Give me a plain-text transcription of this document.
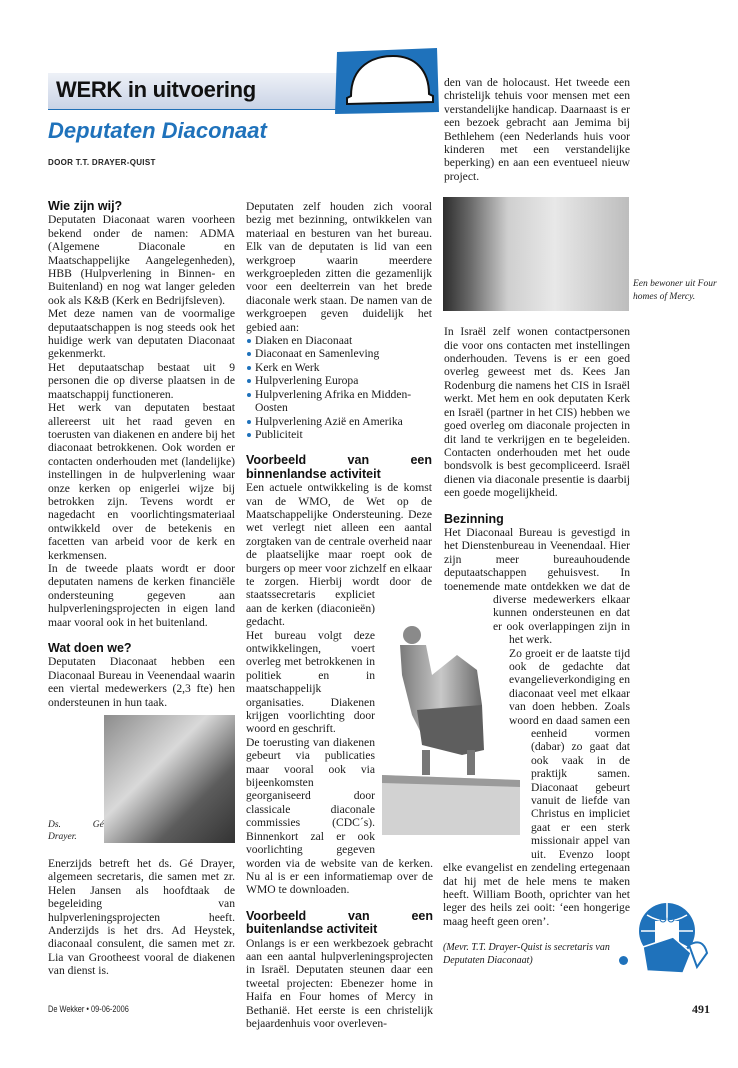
WERK in uitvoering
Deputaten Diaconaat
DOOR T.T. DRAYER-QUIST
Wie zijn wij?

Deputaten Diaconaat waren voorheen bekend onder de namen: ADMA (Algemene Diaconale en Maatschappelijke Aangelegenheden), HBB (Hulpverlening in Binnen- en Buitenland) en nog wat langer geleden ook als K&B (Kerk en Bedrijfsleven).

Met deze namen van de voormalige deputaatschappen is nog steeds ook het huidige werk van deputaten Diaconaat gekenmerkt.

Het deputaatschap bestaat uit 9 personen die op diverse plaatsen in de maatschappij functioneren.

Het werk van deputaten bestaat allereerst uit het raad geven en toerusten van diakenen en andere bij het diaconaat betrokkenen. Ook worden er contacten onderhouden met (landelijke) instellingen in de hulpverlening waar onze kerken op enigerlei wijze bij betrokken zijn. Tevens wordt er nagedacht en voorlichtingsmateriaal ontwikkeld over de betekenis en facetten van arbeid voor de kerk en kerkmensen.

In de tweede plaats wordt er door deputaten namens de kerken financiële ondersteuning gegeven aan hulpverleningsprojecten in eigen land maar vooral ook in het buitenland.

Wat doen we?

Deputaten Diaconaat hebben een Diaconaal Bureau in Veenendaal waarin een viertal medewerkers (2,3 fte) hen ondersteunen in hun taak.

Ds. Gé Drayer.

Enerzijds betreft het ds. Gé Drayer, algemeen secretaris, die samen met zr. Helen Jansen als hoofdtaak de begeleiding van hulpverleningsprojecten heeft. Anderzijds is het drs. Ad Heystek, diaconaal consulent, die samen met zr. Lia van Grootheest vooral de diakenen van dienst is.

Deputaten zelf houden zich vooral bezig met bezinning, ontwikkelen van materiaal en besturen van het bureau. Elk van de deputaten is lid van een werkgroep waarin meerdere werkgroepleden zitten die gezamenlijk voor een deelterrein van het brede diaconale werk staan. De namen van de werkgroepen geven duidelijk het gebied aan:

Diaken en Diaconaat
Diaconaat en Samenleving
Kerk en Werk
Hulpverlening Europa
Hulpverlening Afrika en Midden-Oosten
Hulpverlening Azië en Amerika
Publiciteit
Voorbeeld van een binnenlandse activiteit

Een actuele ontwikkeling is de komst van de WMO, de Wet op de Maatschappelijke Ondersteuning. Deze wet verlegt niet alleen een aantal zorgtaken van de centrale overheid naar de plaatselijke maar roept ook de burgers op meer voor zichzelf en elkaar te zorgen. Hierbij wordt door de staatssecretaris expliciet aan de kerken (diaconieën) gedacht.

Het bureau volgt deze ontwikkelingen, voert overleg met betrokkenen in politiek en in maatschappelijk organisaties. Diakenen krijgen voorlichting door woord en geschrift.

De toerusting van diakenen gebeurt via publicaties maar vooral ook via bijeenkomsten georganiseerd door classicale diaconale commissies (CDC´s). Binnenkort zal er ook voorlichting gegeven worden via de website van de kerken. Nu al is er een informatiemap over de WMO te downloaden.

Voorbeeld van een buitenlandse activiteit

Onlangs is er een werkbezoek gebracht aan een aantal hulpverleningsprojecten in Israël. Deputaten steunen daar een tweetal projecten: Ebenezer home in Haifa en Four homes of Mercy in Bethanië. Het eerste is een christelijk bejaardenhuis voor overleven-

den van de holocaust. Het tweede een christelijk tehuis voor mensen met een verstandelijke handicap. Daarnaast is er een bezoek gebracht aan Jemima bij Bethlehem (een Nederlands huis voor kinderen met een verstandelijke beperking) en aan een eventueel nieuw project.

In Israël zelf wonen contactpersonen die voor ons contacten met instellingen onderhouden. Tevens is er een goed overleg geweest met ds. Kees Jan Rodenburg die namens het CIS in Israël werkt. Met hem en ook deputaten Kerk en Israël (partner in het CIS) hebben we goed overleg om diaconale projecten in dit land te verkrijgen en te begeleiden. Contacten onderhouden met het oude bondsvolk is best gecompliceerd. Israël dienen via diaconale presentie is daarbij een goede mogelijkheid.

Bezinning

Het Diaconaal Bureau is gevestigd in het Dienstenbureau in Veenendaal. Hier zijn meer bureauhoudende deputaatschappen gehuisvest. In toenemende mate ontdekken we dat de diverse medewerkers elkaar kunnen ondersteunen en dat er ook overlappingen zijn in het werk.

Zo groeit er de laatste tijd ook de gedachte dat evangelieverkondiging en diaconaat veel met elkaar van doen hebben. Zoals woord en daad samen een eenheid vormen (dabar) zo gaat dat ook vaak in de praktijk samen. Diaconaat gebeurt vanuit de liefde van Christus en impliciet gaat er een sterk missionair appel van uit. Evenzo loopt elke evangelist en zendeling ertegenaan dat hij met de hele mens te maken heeft. William Booth, oprichter van het leger des heils zei ooit: ‘een hongerige maag heeft geen oren’.

(Mevr. T.T. Drayer-Quist is secretaris van Deputaten Diaconaat)
Een bewoner uit Four homes of Mercy.
De Wekker • 09-06-2006	491
